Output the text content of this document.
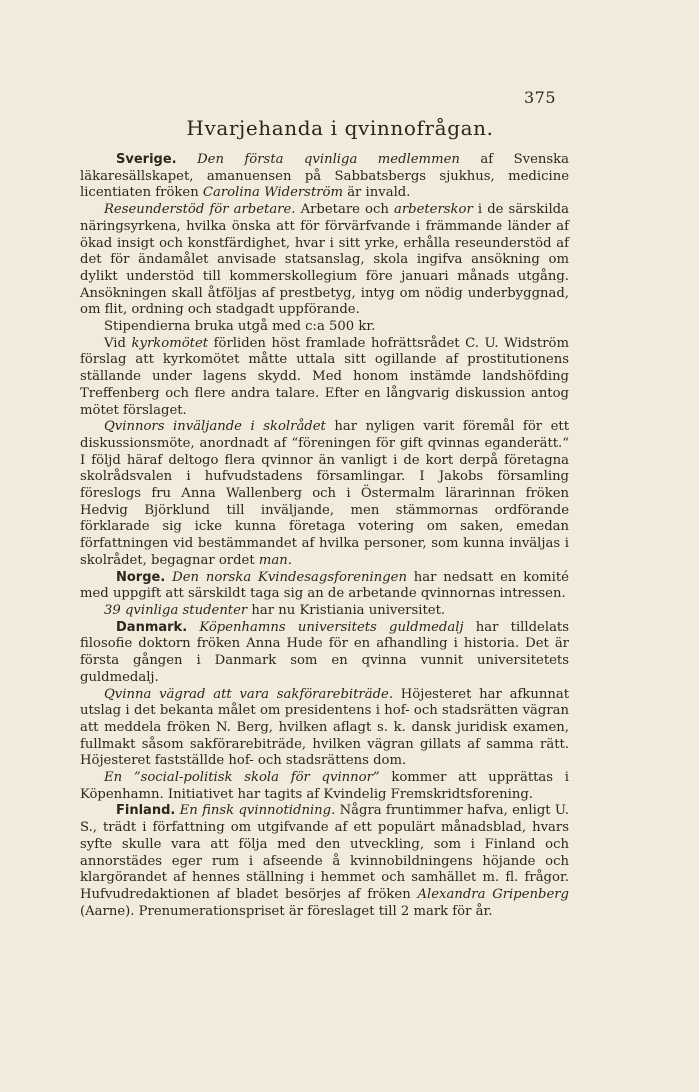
375
Hvarjehanda i qvinnofrågan.

Sverige. Den första qvinliga medlemmen af Svenska läkaresällskapet, amanuensen på Sabbatsbergs sjukhus, medicine licentiaten fröken Carolina Widerström är invald.

Reseunderstöd för arbetare. Arbetare och arbeterskor i de särskilda näringsyrkena, hvilka önska att för förvärfvande i främmande länder af ökad insigt och konstfärdighet, hvar i sitt yrke, erhålla reseunderstöd af det för ändamålet anvisade statsanslag, skola ingifva ansökning om dylikt understöd till kommerskollegium före januari månads utgång. Ansökningen skall åtföljas af prestbetyg, intyg om nödig underbyggnad, om flit, ordning och stadgadt uppförande.

Stipendierna bruka utgå med c:a 500 kr.

Vid kyrkomötet förliden höst framlade hofrättsrådet C. U. Widström förslag att kyrkomötet måtte uttala sitt ogillande af prostitutionens ställande under lagens skydd. Med honom instämde landshöfding Treffenberg och flere andra talare. Efter en långvarig diskussion antog mötet förslaget.

Qvinnors inväljande i skolrådet har nyligen varit föremål för ett diskussionsmöte, anordnadt af “föreningen för gift qvinnas eganderätt.“ I följd häraf deltogo flera qvinnor än vanligt i de kort derpå företagna skolrådsvalen i hufvudstadens församlingar. I Jakobs församling föreslogs fru Anna Wallenberg och i Östermalm lärarinnan fröken Hedvig Björklund till inväljande, men stämmornas ordförande förklarade sig icke kunna företaga votering om saken, emedan författningen vid bestämmandet af hvilka personer, som kunna inväljas i skolrådet, begagnar ordet man.

Norge. Den norska Kvindesagsforeningen har nedsatt en komité med uppgift att särskildt taga sig an de arbetande qvinnornas intressen.

39 qvinliga studenter har nu Kristiania universitet.

Danmark. Köpenhamns universitets guldmedalj har tilldelats filosofie doktorn fröken Anna Hude för en afhandling i historia. Det är första gången i Danmark som en qvinna vunnit universitetets guldmedalj.

Qvinna vägrad att vara sakförarebiträde. Höjesteret har afkunnat utslag i det bekanta målet om presidentens i hof- och stadsrätten vägran att meddela fröken N. Berg, hvilken aflagt s. k. dansk juridisk examen, fullmakt såsom sakförarebiträde, hvilken vägran gillats af samma rätt. Höjesteret fastställde hof- och stadsrättens dom.

En ”social-politisk skola för qvinnor” kommer att upprättas i Köpenhamn. Initiativet har tagits af Kvindelig Fremskridtsforening.

Finland. En finsk qvinnotidning. Några fruntimmer hafva, enligt U. S., trädt i författning om utgifvande af ett populärt månadsblad, hvars syfte skulle vara att följa med den utveckling, som i Finland och annorstädes eger rum i afseende å kvinnobildningens höjande och klargörandet af hennes ställning i hemmet och samhället m. fl. frågor. Hufvudredaktionen af bladet besörjes af fröken Alexandra Gripenberg (Aarne). Prenumerationspriset är föreslaget till 2 mark för år.
